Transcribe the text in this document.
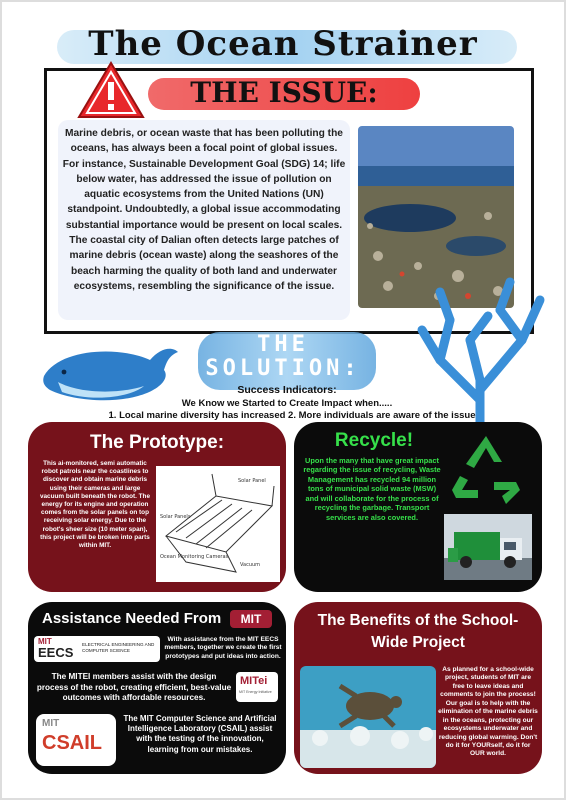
The Ocean Strainer
THE ISSUE:
Marine debris, or ocean waste that has been polluting the oceans, has always been a focal point of global issues. For instance, Sustainable Development Goal (SDG) 14; life below water, has addressed the issue of pollution on aquatic ecosystems from the United Nations (UN) standpoint. Undoubtedly, a global issue accommodating substantial importance would be present on local scales. The coastal city of Dalian often detects large patches of marine debris (ocean waste) along the seashores of the beach harming the quality of both land and underwater ecosystems, resembling the significance of the issue.
THE
SOLUTION:
Success Indicators:
We Know we Started to Create Impact when.....
1. Local marine diversity has increased 2. More individuals are aware of the issue
The Prototype:
This ai-monitored, semi automatic robot patrols near the coastlines to discover and obtain marine debris using their cameras and large vacuum built beneath the robot. The energy for its engine and operation comes from the solar panels on top receiving solar energy. Due to the robot's sheer size (10 meter span), this project will be broken into parts within MIT.
Solar Panel
Solar Panels
Ocean Monitoring Cameras
Vacuum
Recycle!
Upon the many that have great impact regarding the issue of recycling, Waste Management has recycled 94 million tons of municipal solid waste (MSW) and will collaborate for the process of recycling the garbage. Transport services are also covered.
Assistance Needed From	MIT
MIT
EECS
ELECTRICAL ENGINEERING AND COMPUTER SCIENCE
With assistance from the MIT EECS members, together we create the first prototypes and put ideas into action.
The MITEI members assist with the design process of the robot, creating efficient, best-value outcomes with affordable resources.
MITei
MIT Energy Initiative
MIT
CSAIL
The MIT Computer Science and Artificial Intelligence Laboratory (CSAIL) assist with the testing of the innovation, learning from our mistakes.
The Benefits of the School-Wide Project
As planned for a school-wide project, students of MIT are free to leave ideas and comments to join the process! Our goal is to help with the elimination of the marine debris in the oceans, protecting our ecosystems underwater and reducing global warming. Don't do it for YOURself, do it for OUR world.
